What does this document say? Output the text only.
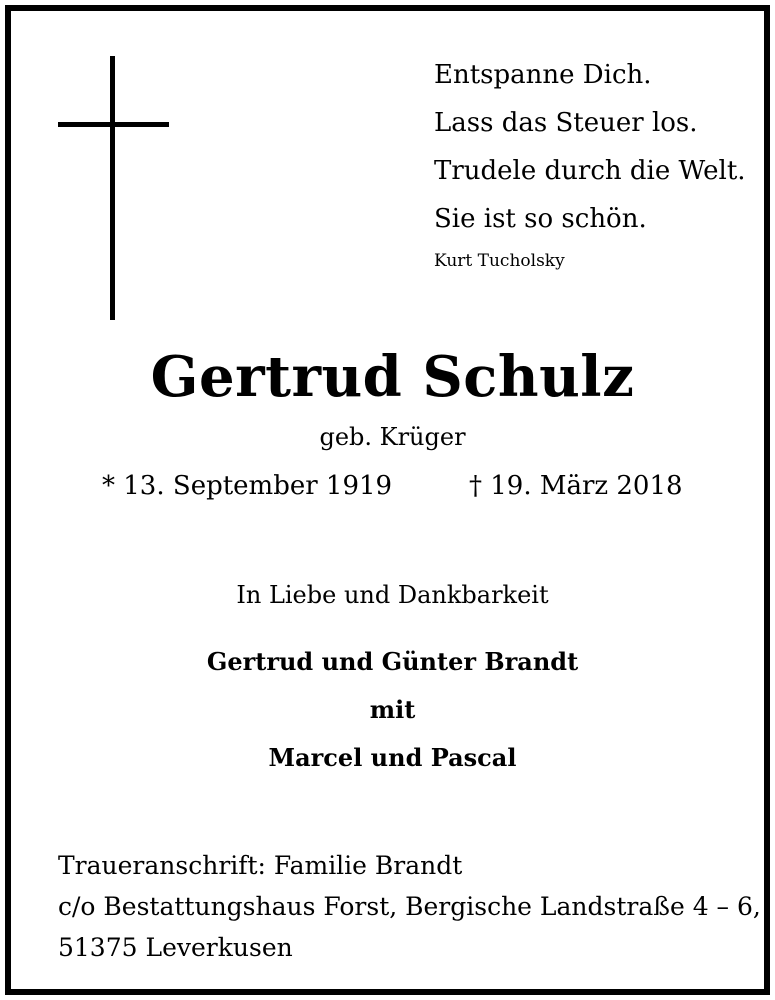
Entspanne Dich.
Lass das Steuer los.
Trudele durch die Welt.
Sie ist so schön.
Kurt Tucholsky
Gertrud Schulz
geb. Krüger
* 13. September 1919	† 19. März 2018
In Liebe und Dankbarkeit
Gertrud und Günter Brandt
mit
Marcel und Pascal
Traueranschrift: Familie Brandt
c/o Bestattungshaus Forst, Bergische Landstraße 4 – 6,
51375 Leverkusen
